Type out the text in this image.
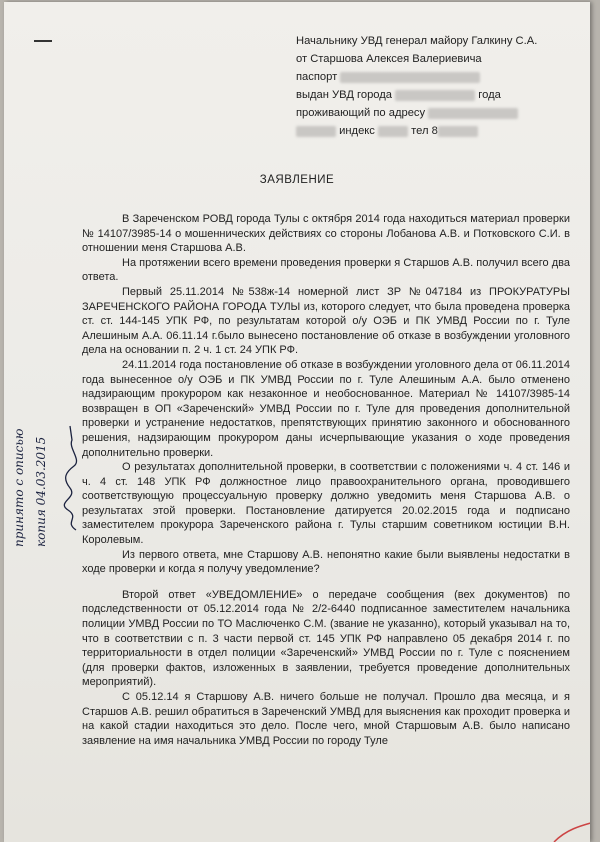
Начальнику УВД генерал майору Галкину С.А.
от Старшова Алексея Валериевича
паспорт
выдан УВД города	года
проживающий по адресу
индекс	тел 8
ЗАЯВЛЕНИЕ

В Зареченском РОВД города Тулы с октября 2014 года находиться материал проверки № 14107/3985-14 о мошеннических действиях со стороны Лобанова А.В. и Потковского С.И. в отношении меня Старшова А.В.

На протяжении всего времени проведения проверки я Старшов А.В. получил всего два ответа.

Первый 25.11.2014 №538ж-14 номерной лист ЗР №047184 из ПРОКУРАТУРЫ ЗАРЕЧЕНСКОГО РАЙОНА ГОРОДА ТУЛЫ из, которого следует, что была проведена проверка ст. ст. 144-145 УПК РФ, по результатам которой о/у ОЭБ и ПК УМВД России по г. Туле Алешиным А.А. 06.11.14 г.было вынесено постановление об отказе в возбуждении уголовного дела на основании п. 2 ч. 1 ст. 24 УПК РФ.

24.11.2014 года постановление об отказе в возбуждении уголовного дела от 06.11.2014 года вынесенное о/у ОЭБ и ПК УМВД России по г. Туле Алешиным А.А. было отменено надзирающим прокурором как незаконное и необоснованное. Материал № 14107/3985-14 возвращен в ОП «Зареченский» УМВД России по г. Туле для проведения дополнительной проверки и устранение недостатков, препятствующих принятию законного и обоснованного решения, надзирающим прокурором даны исчерпывающие указания о ходе проведения дополнительно проверки.

О результатах дополнительной проверки, в соответствии с положениями ч. 4 ст. 146 и ч. 4 ст. 148 УПК РФ должностное лицо правоохранительного органа, проводившего соответствующую процессуальную проверку должно уведомить меня Старшова А.В. о результатах этой проверки. Постановление датируется 20.02.2015 года и подписано заместителем прокурора Зареченского района г. Тулы старшим советником юстиции В.Н. Королевым.

Из первого ответа, мне Старшову А.В. непонятно какие были выявлены недостатки в ходе проверки и когда я получу уведомление?

Второй ответ «УВЕДОМЛЕНИЕ» о передаче сообщения (вех документов) по подследственности от 05.12.2014 года № 2/2-6440 подписанное заместителем начальника полиции УМВД России по ТО Маслюченко С.М. (звание не указанно), который указывал на то, что в соответствии с п. 3 части первой ст. 145 УПК РФ направлено 05 декабря 2014 г. по территориальности в отдел полиции «Зареченский» УМВД России по г. Туле с пояснением (для проверки фактов, изложенных в заявлении, требуется проведение дополнительных мероприятий).

С 05.12.14 я Старшову А.В. ничего больше не получал. Прошло два месяца, и я Старшов А.В. решил обратиться в Зареченский УМВД для выяснения как проходит проверка и на какой стадии находиться это дело. После чего, мной Старшовым А.В. было написано заявление на имя начальника УМВД России по городу Туле

принято с описью копия 04.03.2015
